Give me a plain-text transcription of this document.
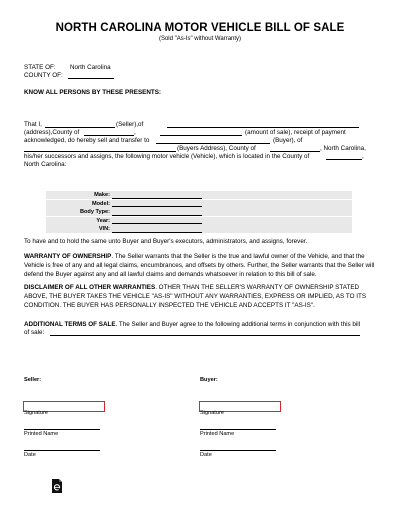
NORTH CAROLINA MOTOR VEHICLE BILL OF SALE
(Sold "As-Is" without Warranty)
STATE OF: North Carolina
COUNTY OF:
KNOW ALL PERSONS BY THESE PRESENTS:
That I,	(Seller),of
(address),County of	,	(amount of sale), receipt of payment
acknowledged, do hereby sell and transfer to	(Buyer), of
(Buyers Address), County of	, North Carolina,
his/her successors and assigns, the following motor vehicle (Vehicle), which is located in the County of	,
North Carolina:
Make:
Model:
Body Type:
Year:
VIN:
To have and to hold the same unto Buyer and Buyer's executors, administrators, and assigns, forever.
WARRANTY OF OWNERSHIP. The Seller warrants that the Seller is the true and lawful owner of the Vehicle, and that the Vehicle is free of any and all legal claims, encumbrances, and offsets by others. Further, the Seller warrants that the Seller will defend the Buyer against any and all lawful claims and demands whatsoever in relation to this bill of sale.
DISCLAIMER OF ALL OTHER WARRANTIES. OTHER THAN THE SELLER'S WARRANTY OF OWNERSHIP STATED ABOVE, THE BUYER TAKES THE VEHICLE "AS-IS" WITHOUT ANY WARRANTIES, EXPRESS OR IMPLIED, AS TO ITS CONDITION. THE BUYER HAS PERSONALLY INSPECTED THE VEHICLE AND ACCEPTS IT "AS-IS".
ADDITIONAL TERMS OF SALE. The Seller and Buyer agree to the following additional terms in conjunction with this bill
of sale:
Seller:	Buyer:
Signature	Signature
Printed Name	Printed Name
Date	Date
